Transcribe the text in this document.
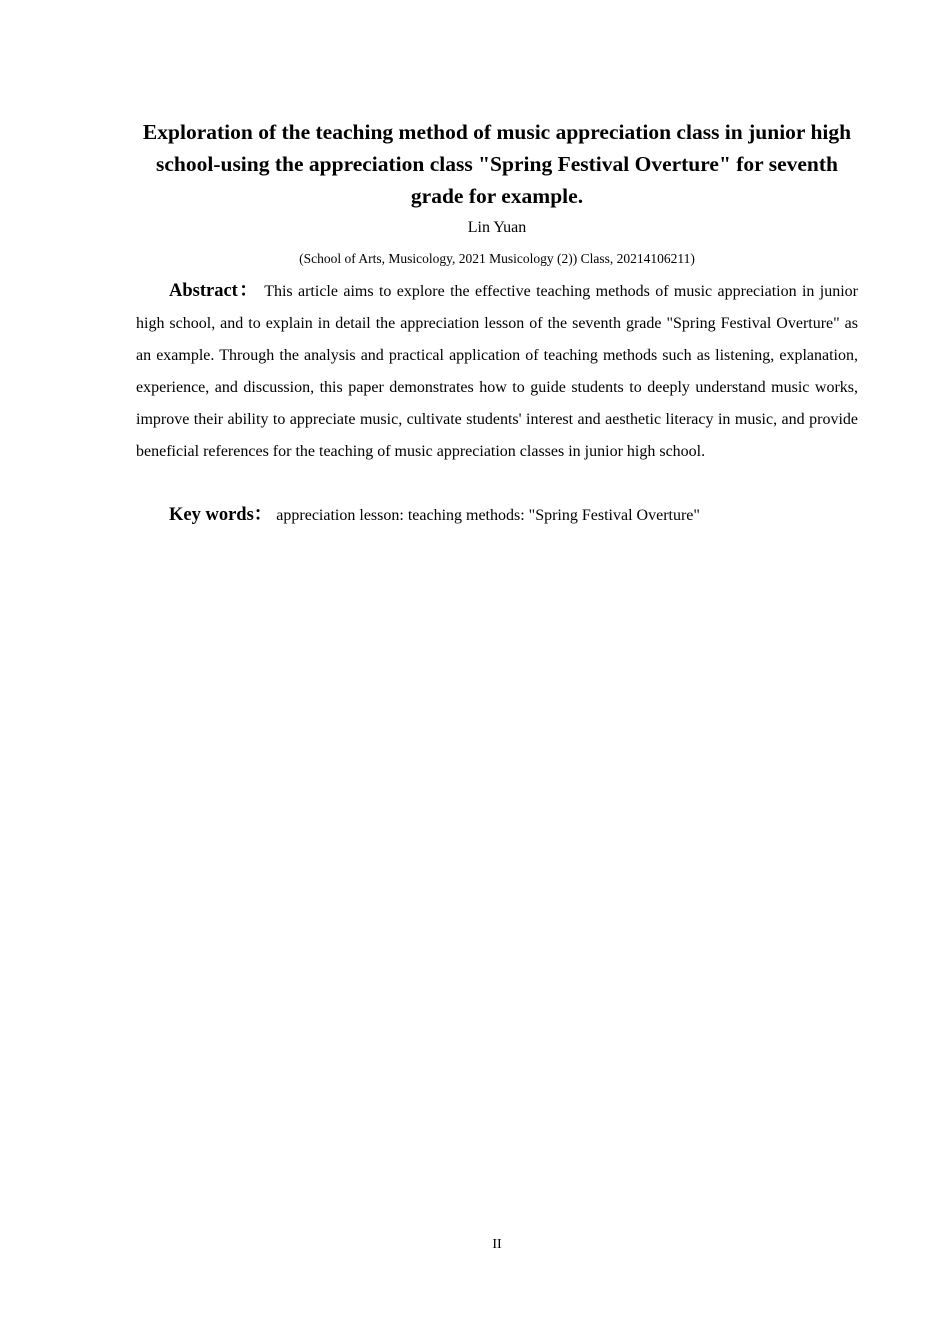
Exploration of the teaching method of music appreciation class in junior high school-using the appreciation class "Spring Festival Overture" for seventh grade for example.

Lin Yuan

(School of Arts, Musicology, 2021 Musicology (2)) Class, 20214106211)

Abstract： This article aims to explore the effective teaching methods of music appreciation in junior high school, and to explain in detail the appreciation lesson of the seventh grade "Spring Festival Overture" as an example. Through the analysis and practical application of teaching methods such as listening, explanation, experience, and discussion, this paper demonstrates how to guide students to deeply understand music works, improve their ability to appreciate music, cultivate students' interest and aesthetic literacy in music, and provide beneficial references for the teaching of music appreciation classes in junior high school.

Key words： appreciation lesson: teaching methods: "Spring Festival Overture"

II
